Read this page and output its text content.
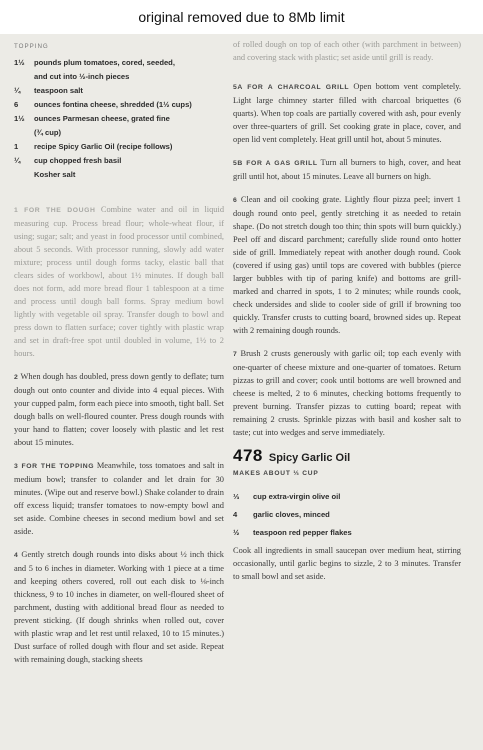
original removed due to 8Mb limit
TOPPING
1½	pounds plum tomatoes, cored, seeded,
and cut into ½-inch pieces
¼	teaspoon salt
6	ounces fontina cheese, shredded (1½ cups)
1½	ounces Parmesan cheese, grated fine
(¾ cup)
1	recipe Spicy Garlic Oil (recipe follows)
¼	cup chopped fresh basil
Kosher salt

1 FOR THE DOUGH Combine water and oil in liquid measuring cup. Process bread flour; whole-wheat flour, if using; sugar; salt; and yeast in food processor until combined, about 5 seconds. With processor running, slowly add water mixture; process until dough forms tacky, elastic ball that clears sides of workbowl, about 1½ minutes. If dough ball does not form, add more bread flour 1 tablespoon at a time and process until dough ball forms. Spray medium bowl lightly with vegetable oil spray. Transfer dough to bowl and press down to flatten surface; cover tightly with plastic wrap and set in draft-free spot until doubled in volume, 1½ to 2 hours.

2 When dough has doubled, press down gently to deflate; turn dough out onto counter and divide into 4 equal pieces. With your cupped palm, form each piece into smooth, tight ball. Set dough balls on well-floured counter. Press dough rounds with your hand to flatten; cover loosely with plastic and let rest about 15 minutes.

3 FOR THE TOPPING Meanwhile, toss tomatoes and salt in medium bowl; transfer to colander and let drain for 30 minutes. (Wipe out and reserve bowl.) Shake colander to drain off excess liquid; transfer tomatoes to now-empty bowl and set aside. Combine cheeses in second medium bowl and set aside.

4 Gently stretch dough rounds into disks about ½ inch thick and 5 to 6 inches in diameter. Working with 1 piece at a time and keeping others covered, roll out each disk to ⅛-inch thickness, 9 to 10 inches in diameter, on well-floured sheet of parchment, dusting with additional bread flour as needed to prevent sticking. (If dough shrinks when rolled out, cover with plastic wrap and let rest until relaxed, 10 to 15 minutes.) Dust surface of rolled dough with flour and set aside. Repeat with remaining dough, stacking sheets

of rolled dough on top of each other (with parchment in between) and covering stack with plastic; set aside until grill is ready.

5A FOR A CHARCOAL GRILL Open bottom vent completely. Light large chimney starter filled with charcoal briquettes (6 quarts). When top coals are partially covered with ash, pour evenly over three-quarters of grill. Set cooking grate in place, cover, and open lid vent completely. Heat grill until hot, about 5 minutes.

5B FOR A GAS GRILL Turn all burners to high, cover, and heat grill until hot, about 15 minutes. Leave all burners on high.

6 Clean and oil cooking grate. Lightly flour pizza peel; invert 1 dough round onto peel, gently stretching it as needed to retain shape. (Do not stretch dough too thin; thin spots will burn quickly.) Peel off and discard parchment; carefully slide round onto hotter side of grill. Immediately repeat with another dough round. Cook (covered if using gas) until tops are covered with bubbles (pierce larger bubbles with tip of paring knife) and bottoms are grill-marked and charred in spots, 1 to 2 minutes; while rounds cook, check undersides and slide to cooler side of grill if browning too quickly. Transfer crusts to cutting board, browned sides up. Repeat with 2 remaining dough rounds.

7 Brush 2 crusts generously with garlic oil; top each evenly with one-quarter of cheese mixture and one-quarter of tomatoes. Return pizzas to grill and cover; cook until bottoms are well browned and cheese is melted, 2 to 6 minutes, checking bottoms frequently to prevent burning. Transfer pizzas to cutting board; repeat with remaining 2 crusts. Sprinkle pizzas with basil and kosher salt to taste; cut into wedges and serve immediately.

478 Spicy Garlic Oil
MAKES ABOUT ⅓ CUP
⅓	cup extra-virgin olive oil
4	garlic cloves, minced
½	teaspoon red pepper flakes

Cook all ingredients in small saucepan over medium heat, stirring occasionally, until garlic begins to sizzle, 2 to 3 minutes. Transfer to small bowl and set aside.
